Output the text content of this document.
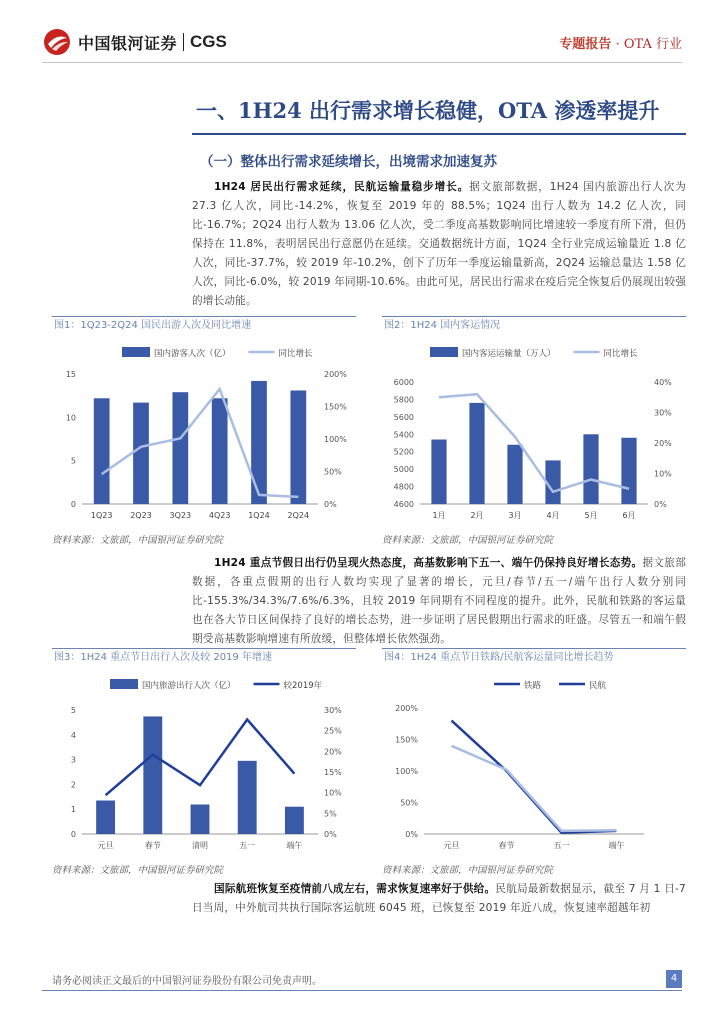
中国银河证券 CGS	专题报告 · OTA 行业
一、1H24 出行需求增长稳健，OTA 渗透率提升
（一）整体出行需求延续增长，出境需求加速复苏
1H24 居民出行需求延续，民航运输量稳步增长。据文旅部数据，1H24 国内旅游出行人次为 27.3 亿人次，同比-14.2%，恢复至 2019 年的 88.5%；1Q24 出行人数为 14.2 亿人次，同比-16.7%；2Q24 出行人数为 13.06 亿人次，受二季度高基数影响同比增速较一季度有所下滑，但仍保持在 11.8%，表明居民出行意愿仍在延续。交通数据统计方面，1Q24 全行业完成运输量近 1.8 亿人次，同比-37.7%，较 2019 年-10.2%，创下了历年一季度运输量新高，2Q24 运输总量达 1.58 亿人次，同比-6.0%，较 2019 年同期-10.6%。由此可见，居民出行需求在疫后完全恢复后仍展现出较强的增长动能。
图1：1Q23-2Q24 国民出游人次及同比增速
国内游客人次（亿）	同比增长
0
5
10
15
0%
50%
100%
150%
200%
1Q23 2Q23 3Q23 4Q23 1Q24 2Q24
资料来源：文旅部，中国银河证券研究院
图2：1H24 国内客运情况
国内客运运输量（万人）	同比增长
4600
4800
5000
5200
5400
5600
5800
6000
0%
10%
20%
30%
40%
1月	2月	3月	4月	5月	6月
资料来源：文旅部，中国银河证券研究院
1H24 重点节假日出行仍呈现火热态度，高基数影响下五一、端午仍保持良好增长态势。据文旅部数据，各重点假期的出行人数均实现了显著的增长，元旦/春节/五一/端午出行人数分别同比-155.3%/34.3%/7.6%/6.3%，且较 2019 年同期有不同程度的提升。此外，民航和铁路的客运量也在各大节日区间保持了良好的增长态势，进一步证明了居民假期出行需求的旺盛。尽管五一和端午假期受高基数影响增速有所放缓，但整体增长依然强劲。
图3：1H24 重点节日出行人次及较 2019 年增速
国内旅游出行人次（亿）	较2019年
0
1
2
3
4
5
0%
5%
10%
15%
20%
25%
30%
元旦	春节	清明	五一	端午
资料来源：文旅部，中国银河证券研究院
图4：1H24 重点节日铁路/民航客运量同比增长趋势
铁路	民航
0%
50%
100%
150%
200%
元旦	春节	五一	端午
资料来源：文旅部，中国银河证券研究院
国际航班恢复至疫情前八成左右，需求恢复速率好于供给。民航局最新数据显示，截至 7 月 1 日-7 日当周，中外航司共执行国际客运航班 6045 班，已恢复至 2019 年近八成，恢复速率超越年初
请务必阅读正文最后的中国银河证券股份有限公司免责声明。	4
